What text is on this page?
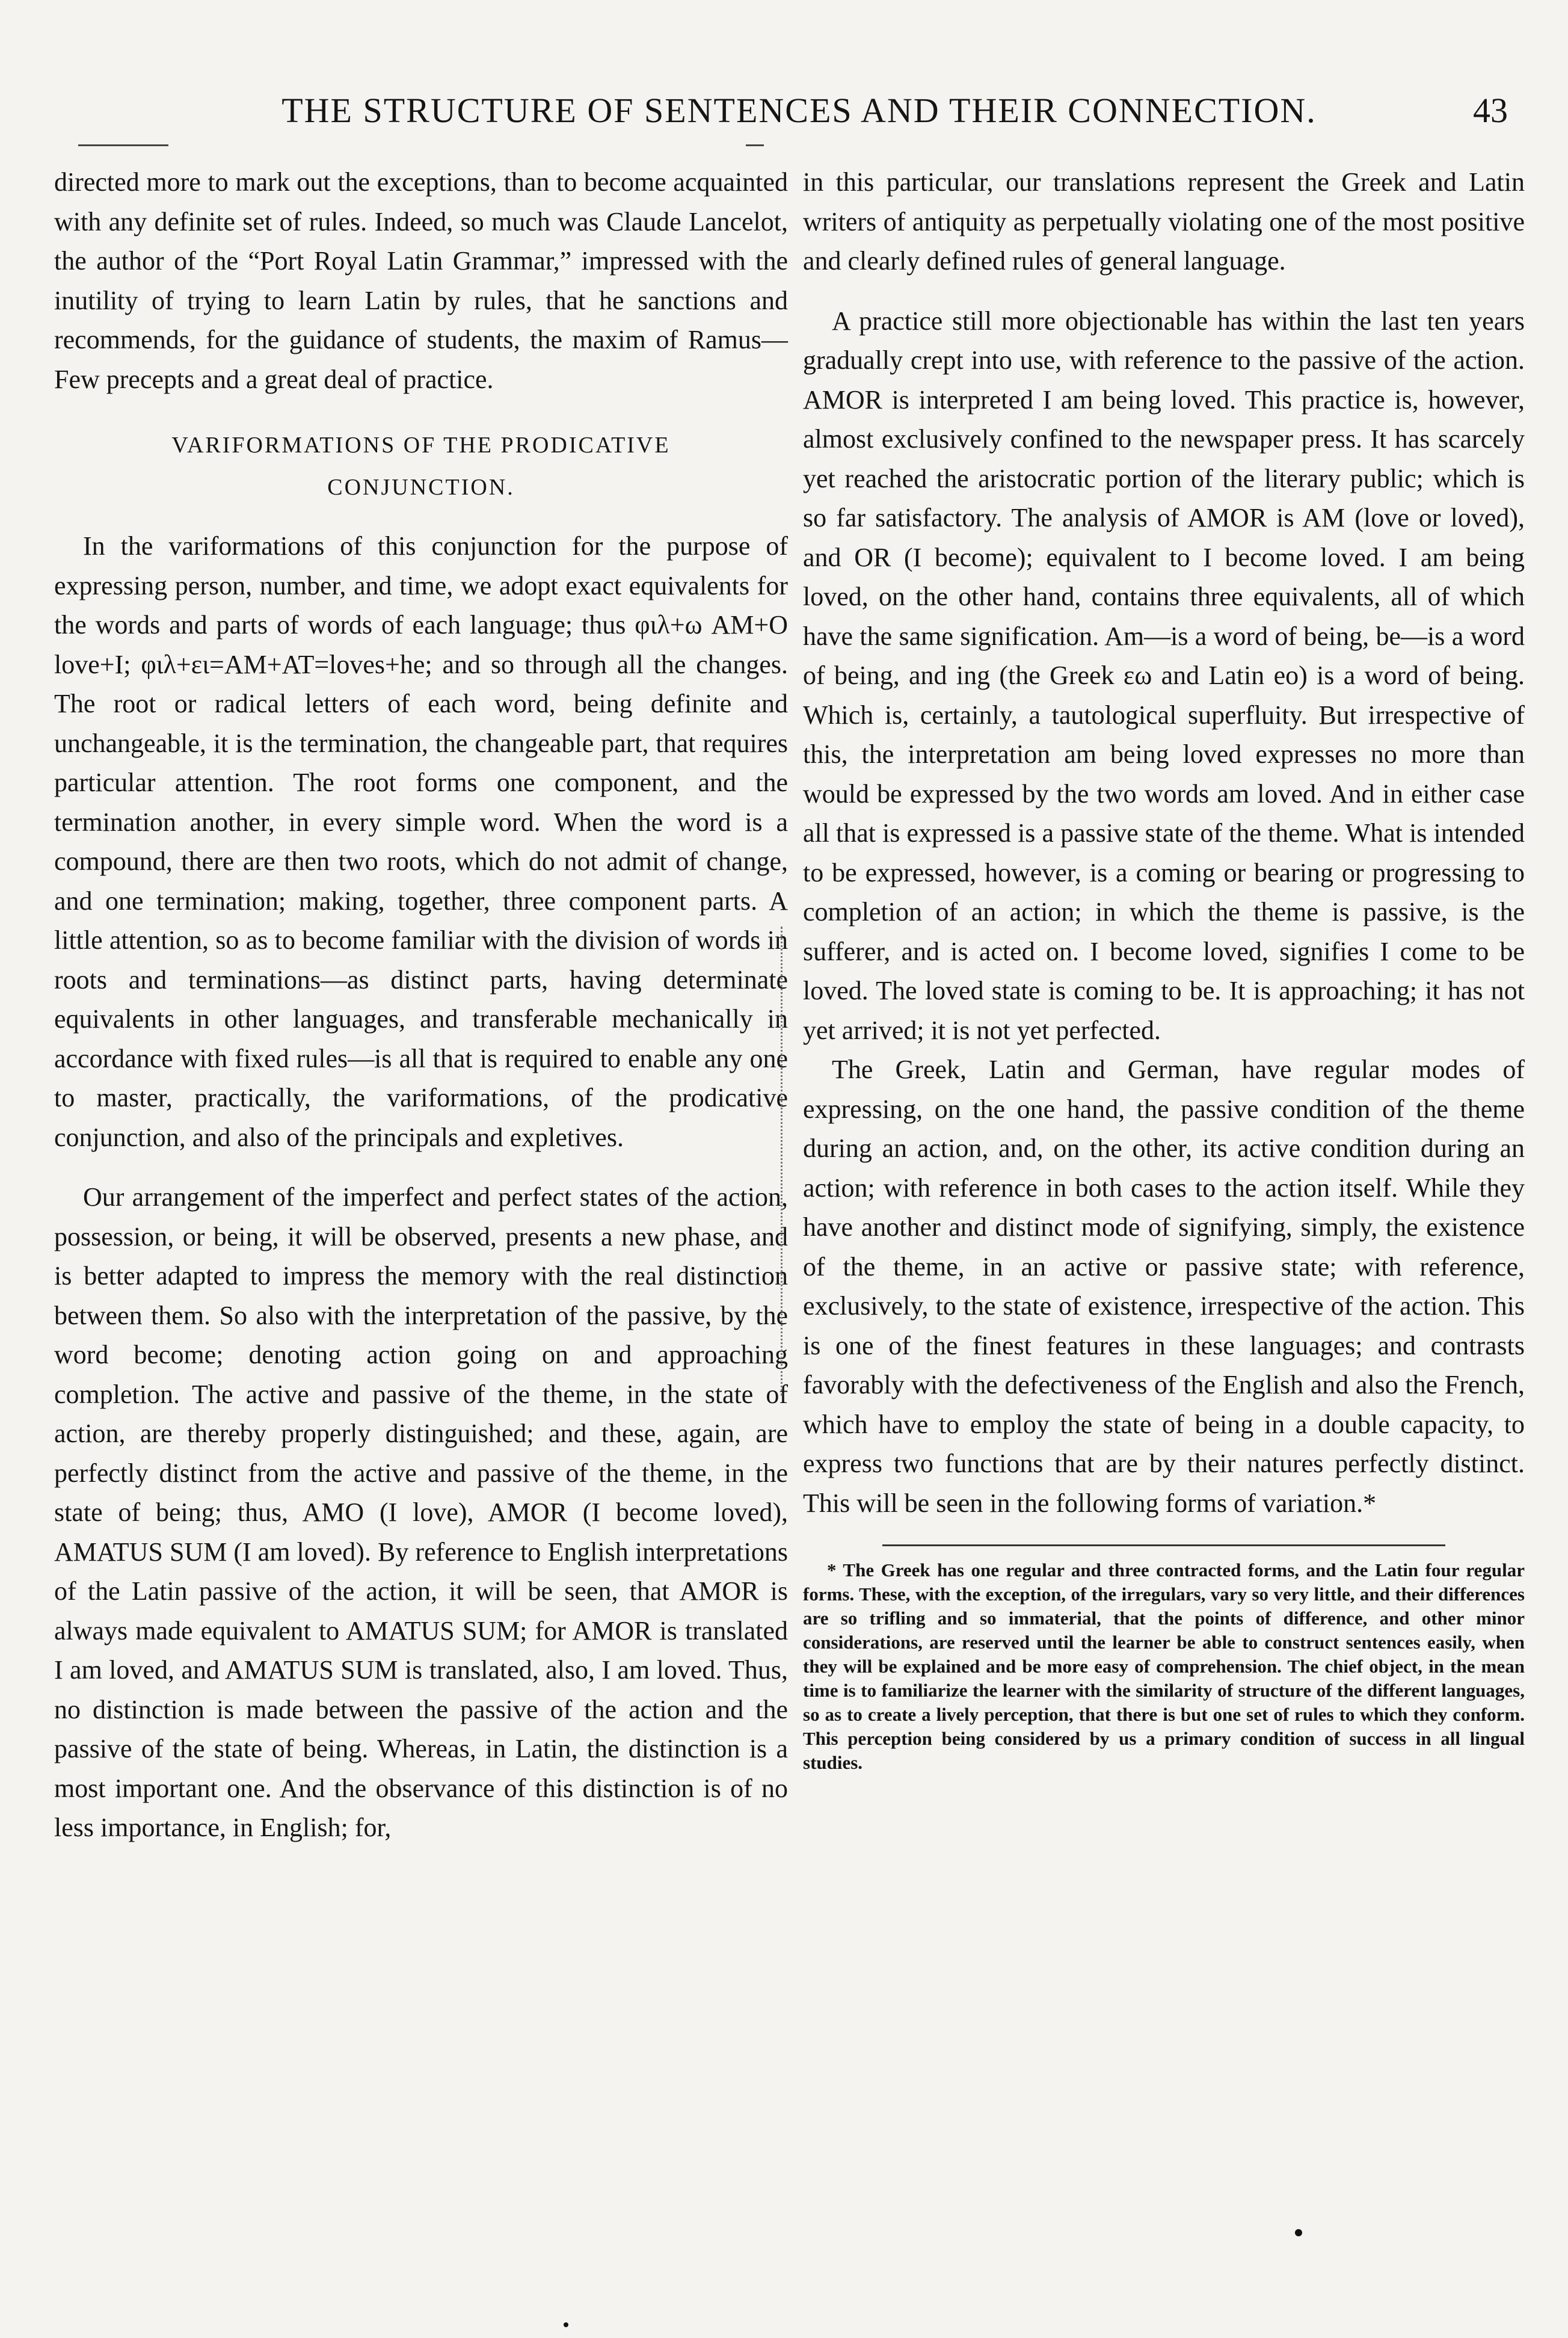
THE STRUCTURE OF SENTENCES AND THEIR CONNECTION.	43

directed more to mark out the exceptions, than to become acquainted with any definite set of rules. Indeed, so much was Claude Lancelot, the author of the “Port Royal Latin Grammar,” impressed with the inutility of trying to learn Latin by rules, that he sanctions and recommends, for the guidance of students, the maxim of Ramus—Few precepts and a great deal of practice.

VARIFORMATIONS OF THE PRODICATIVE CONJUNCTION.

In the variformations of this conjunction for the purpose of expressing person, number, and time, we adopt exact equivalents for the words and parts of words of each language; thus φιλ+ω AM+O love+I; φιλ+ει=AM+AT=loves+he; and so through all the changes. The root or radical letters of each word, being definite and unchangeable, it is the termination, the changeable part, that requires particular attention. The root forms one component, and the termination another, in every simple word. When the word is a compound, there are then two roots, which do not admit of change, and one termination; making, together, three component parts. A little attention, so as to become familiar with the division of words in roots and terminations—as distinct parts, having determinate equivalents in other languages, and transferable mechanically in accordance with fixed rules—is all that is required to enable any one to master, practically, the variformations, of the prodicative conjunction, and also of the principals and expletives.

Our arrangement of the imperfect and perfect states of the action, possession, or being, it will be observed, presents a new phase, and is better adapted to impress the memory with the real distinction between them. So also with the interpretation of the passive, by the word become; denoting action going on and approaching completion. The active and passive of the theme, in the state of action, are thereby properly distinguished; and these, again, are perfectly distinct from the active and passive of the theme, in the state of being; thus, AMO (I love), AMOR (I become loved), AMATUS SUM (I am loved). By reference to English interpretations of the Latin passive of the action, it will be seen, that AMOR is always made equivalent to AMATUS SUM; for AMOR is translated I am loved, and AMATUS SUM is translated, also, I am loved. Thus, no distinction is made between the passive of the action and the passive of the state of being. Whereas, in Latin, the distinction is a most important one. And the observance of this distinction is of no less importance, in English; for,

in this particular, our translations represent the Greek and Latin writers of antiquity as perpetually violating one of the most positive and clearly defined rules of general language.

A practice still more objectionable has within the last ten years gradually crept into use, with reference to the passive of the action. AMOR is interpreted I am being loved. This practice is, however, almost exclusively confined to the newspaper press. It has scarcely yet reached the aristocratic portion of the literary public; which is so far satisfactory. The analysis of AMOR is AM (love or loved), and OR (I become); equivalent to I become loved. I am being loved, on the other hand, contains three equivalents, all of which have the same signification. Am—is a word of being, be—is a word of being, and ing (the Greek εω and Latin eo) is a word of being. Which is, certainly, a tautological superfluity. But irrespective of this, the interpretation am being loved expresses no more than would be expressed by the two words am loved. And in either case all that is expressed is a passive state of the theme. What is intended to be expressed, however, is a coming or bearing or progressing to completion of an action; in which the theme is passive, is the sufferer, and is acted on. I become loved, signifies I come to be loved. The loved state is coming to be. It is approaching; it has not yet arrived; it is not yet perfected.

The Greek, Latin and German, have regular modes of expressing, on the one hand, the passive condition of the theme during an action, and, on the other, its active condition during an action; with reference in both cases to the action itself. While they have another and distinct mode of signifying, simply, the existence of the theme, in an active or passive state; with reference, exclusively, to the state of existence, irrespective of the action. This is one of the finest features in these languages; and contrasts favorably with the defectiveness of the English and also the French, which have to employ the state of being in a double capacity, to express two functions that are by their natures perfectly distinct. This will be seen in the following forms of variation.*

* The Greek has one regular and three contracted forms, and the Latin four regular forms. These, with the exception, of the irregulars, vary so very little, and their differences are so trifling and so immaterial, that the points of difference, and other minor considerations, are reserved until the learner be able to construct sentences easily, when they will be explained and be more easy of comprehension. The chief object, in the mean time is to familiarize the learner with the similarity of structure of the different languages, so as to create a lively perception, that there is but one set of rules to which they conform. This perception being considered by us a primary condition of success in all lingual studies.
